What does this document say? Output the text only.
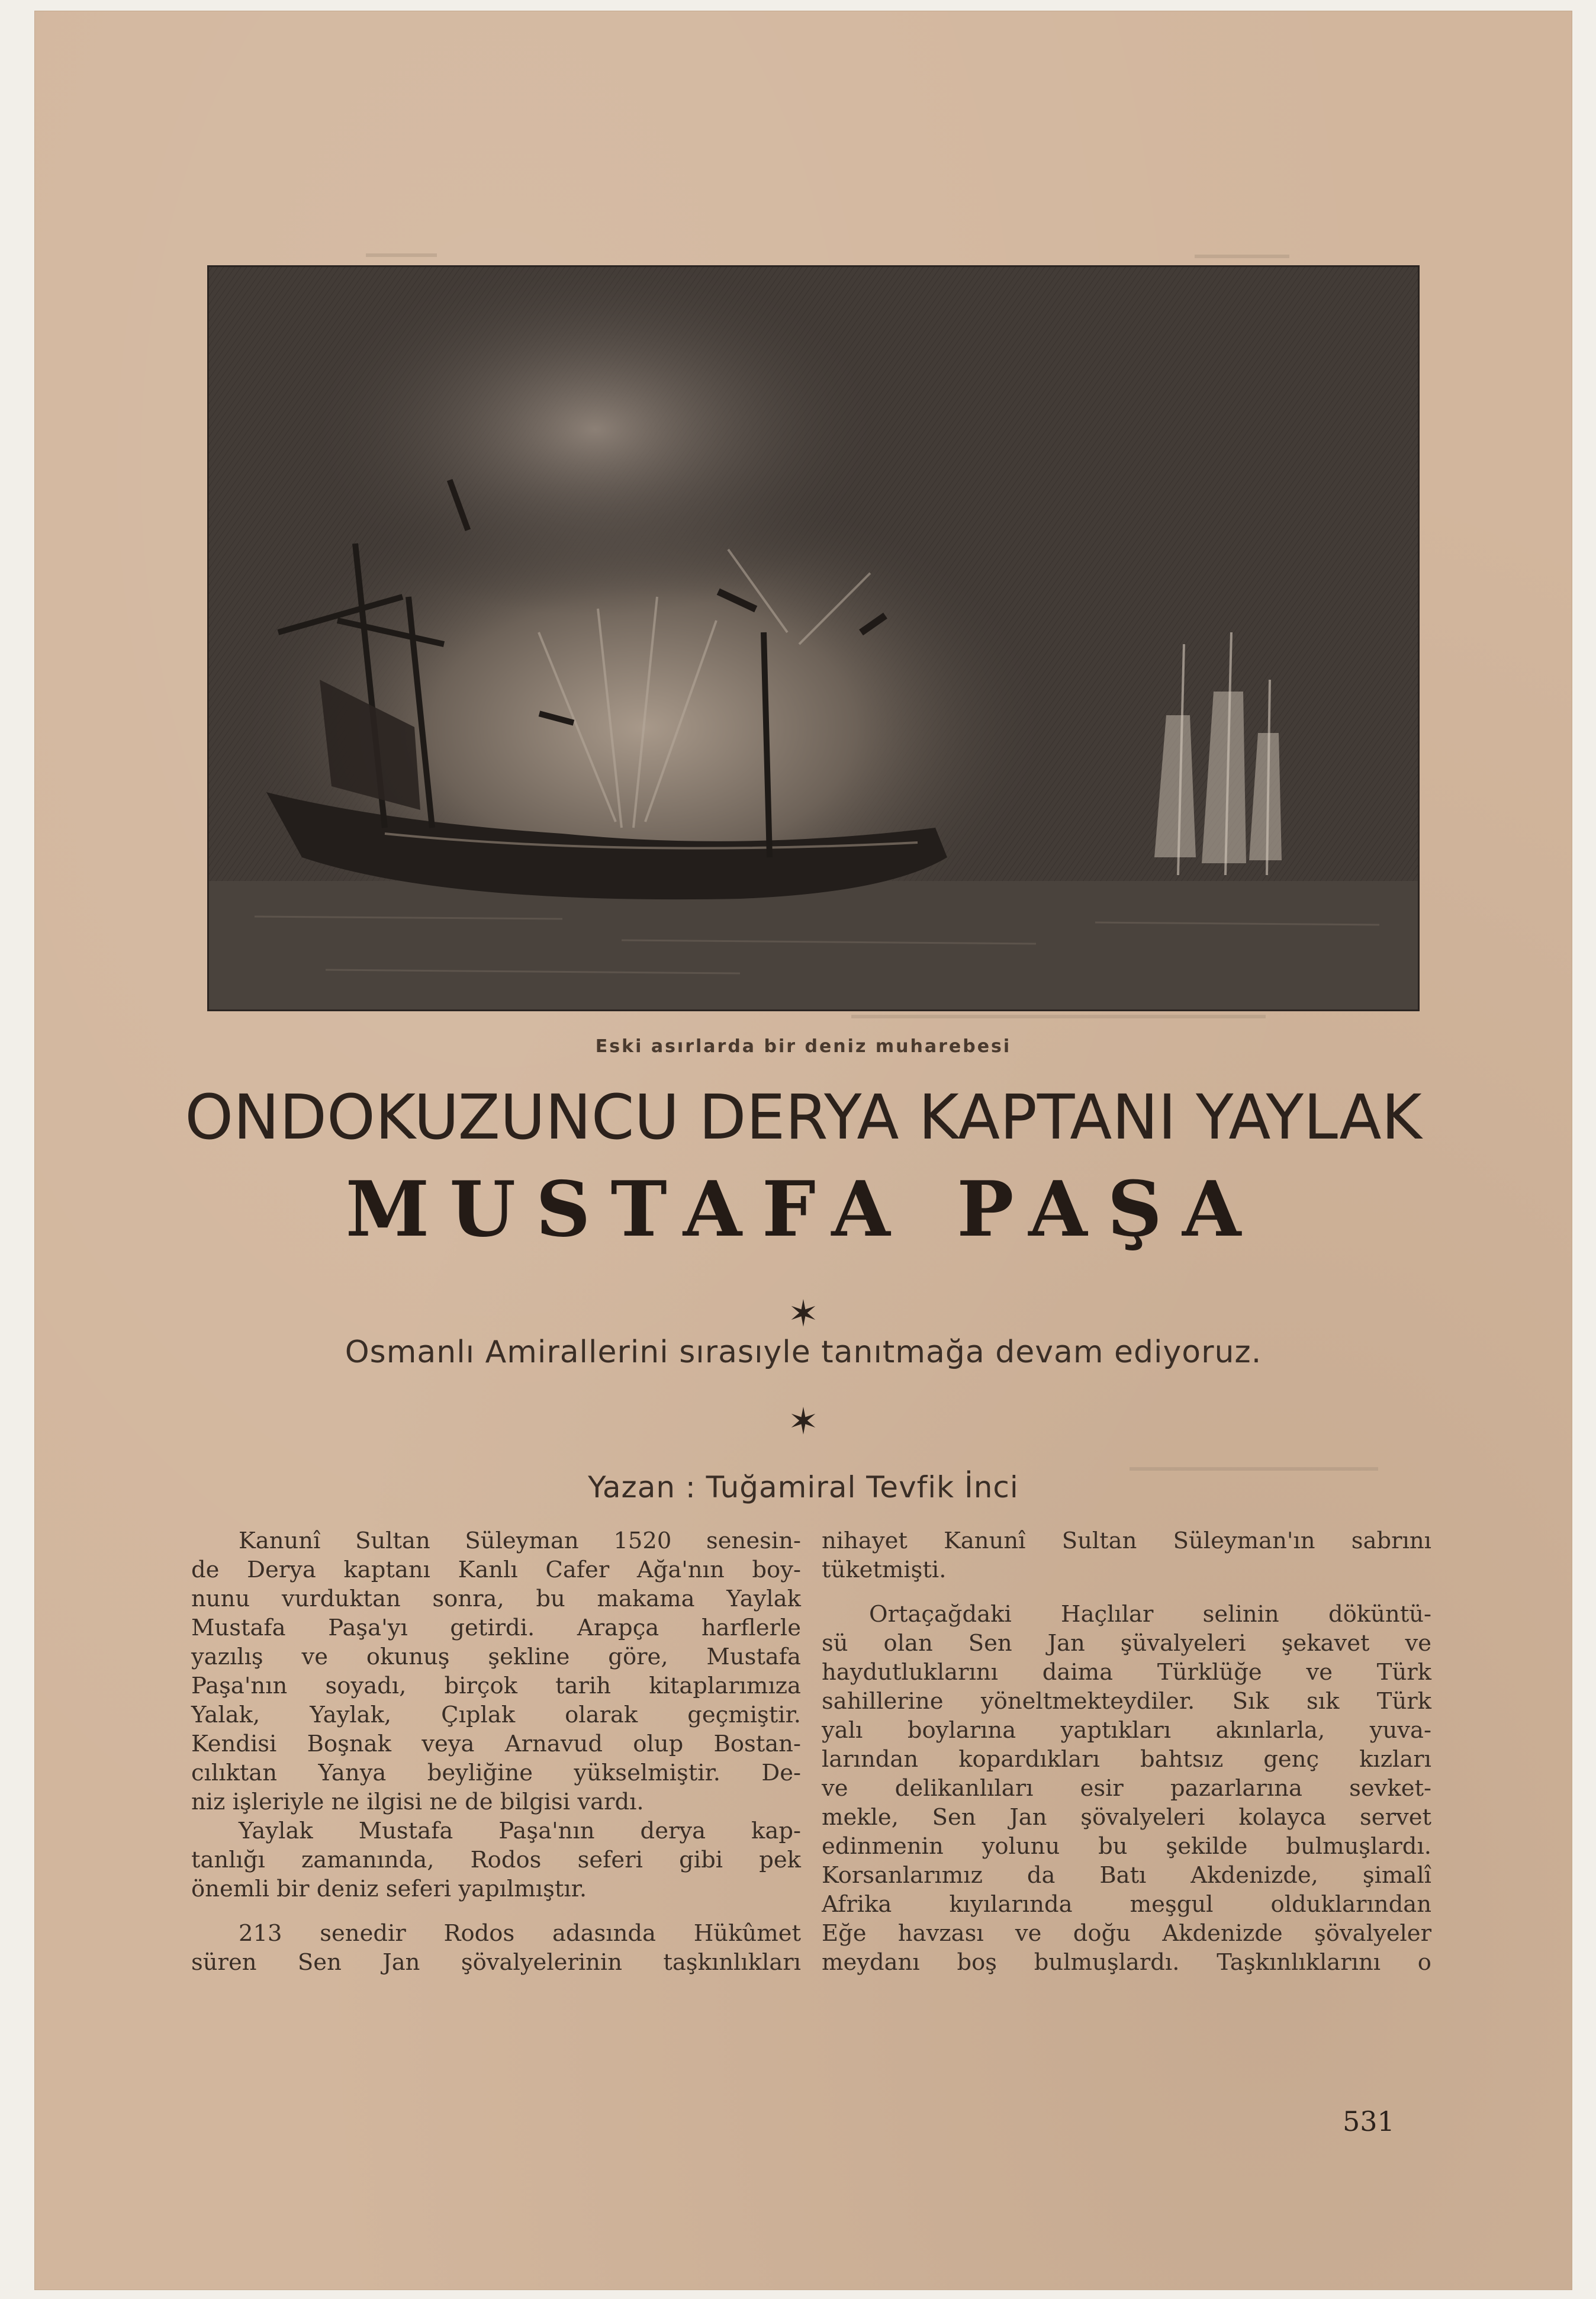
Eski asırlarda bir deniz muharebesi
ONDOKUZUNCU DERYA KAPTANI YAYLAK
MUSTAFA PAŞA
✶
Osmanlı Amirallerini sırasıyle tanıtmağa devam ediyoruz.
✶
Yazan : Tuğamiral Tevfik İnci
Kanunî Sultan Süleyman 1520 senesin-
de Derya kaptanı Kanlı Cafer Ağa'nın boy-
nunu vurduktan sonra, bu makama Yaylak
Mustafa Paşa'yı getirdi. Arapça harflerle
yazılış ve okunuş şekline göre, Mustafa
Paşa'nın soyadı, birçok tarih kitaplarımıza
Yalak, Yaylak, Çıplak olarak geçmiştir.
Kendisi Boşnak veya Arnavud olup Bostan-
cılıktan Yanya beyliğine yükselmiştir. De-
niz işleriyle ne ilgisi ne de bilgisi vardı.
Yaylak Mustafa Paşa'nın derya kap-
tanlığı zamanında, Rodos seferi gibi pek
önemli bir deniz seferi yapılmıştır.
213 senedir Rodos adasında Hükûmet
süren Sen Jan şövalyelerinin taşkınlıkları
nihayet Kanunî Sultan Süleyman'ın sabrını
tüketmişti.
Ortaçağdaki Haçlılar selinin döküntü-
sü olan Sen Jan şüvalyeleri şekavet ve
haydutluklarını daima Türklüğe ve Türk
sahillerine yöneltmekteydiler. Sık sık Türk
yalı boylarına yaptıkları akınlarla, yuva-
larından kopardıkları bahtsız genç kızları
ve delikanlıları esir pazarlarına sevket-
mekle, Sen Jan şövalyeleri kolayca servet
edinmenin yolunu bu şekilde bulmuşlardı.
Korsanlarımız da Batı Akdenizde, şimalî
Afrika kıyılarında meşgul olduklarından
Eğe havzası ve doğu Akdenizde şövalyeler
meydanı boş bulmuşlardı. Taşkınlıklarını o
531
